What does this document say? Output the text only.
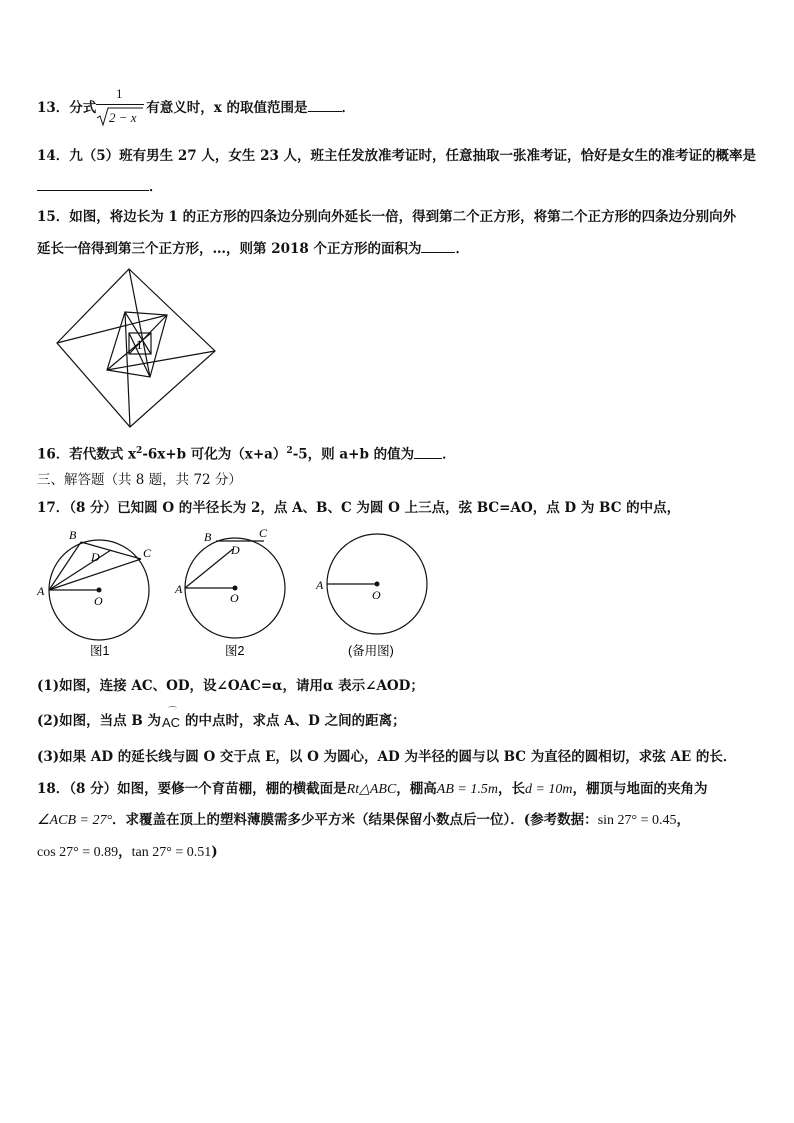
13．分式	有意义时，x 的取值范围是	．
1
2 − x
14．九（5）班有男生 27 人，女生 23 人，班主任发放准考证时，任意抽取一张准考证，恰好是女生的准考证的概率是
．
15．如图，将边长为 1 的正方形的四条边分别向外延长一倍，得到第二个正方形，将第二个正方形的四条边分别向外
延长一倍得到第三个正方形，…，则第 2018 个正方形的面积为	．
1
16．若代数式 $x^2-6x+b$ 可化为$(x+a)^2-5$，则 a+b 的值为 ．
三、解答题（共 8 题，共 72 分）
17．（8 分）已知圆 O 的半径长为 2，点 A、B、C 为圆 O 上三点，弦 BC=AO，点 D 为 BC 的中点，
A
B
C
D
O
图1
A
B	C
D
O
图2
A
O
(备用图)
(1)如图，连接 AC、OD，设∠OAC=α，请用α 表示∠AOD；
(2)如图，当点 B 为
⌒
AC 的中点时，求点 A、D 之间的距离；
(3)如果 AD 的延长线与圆 O 交于点 E，以 O 为圆心，AD 为半径的圆与以 BC 为直径的圆相切，求弦 AE 的长．
18．（8 分）如图，要修一个育苗棚，棚的横截面是Rt△ABC，棚高AB = 1.5m，长d = 10m，棚顶与地面的夹角为
∠ACB = 27°．求覆盖在顶上的塑料薄膜需多少平方米（结果保留小数点后一位）．(参考数据：sin 27° = 0.45，
cos 27° = 0.89，tan 27° = 0.51)
